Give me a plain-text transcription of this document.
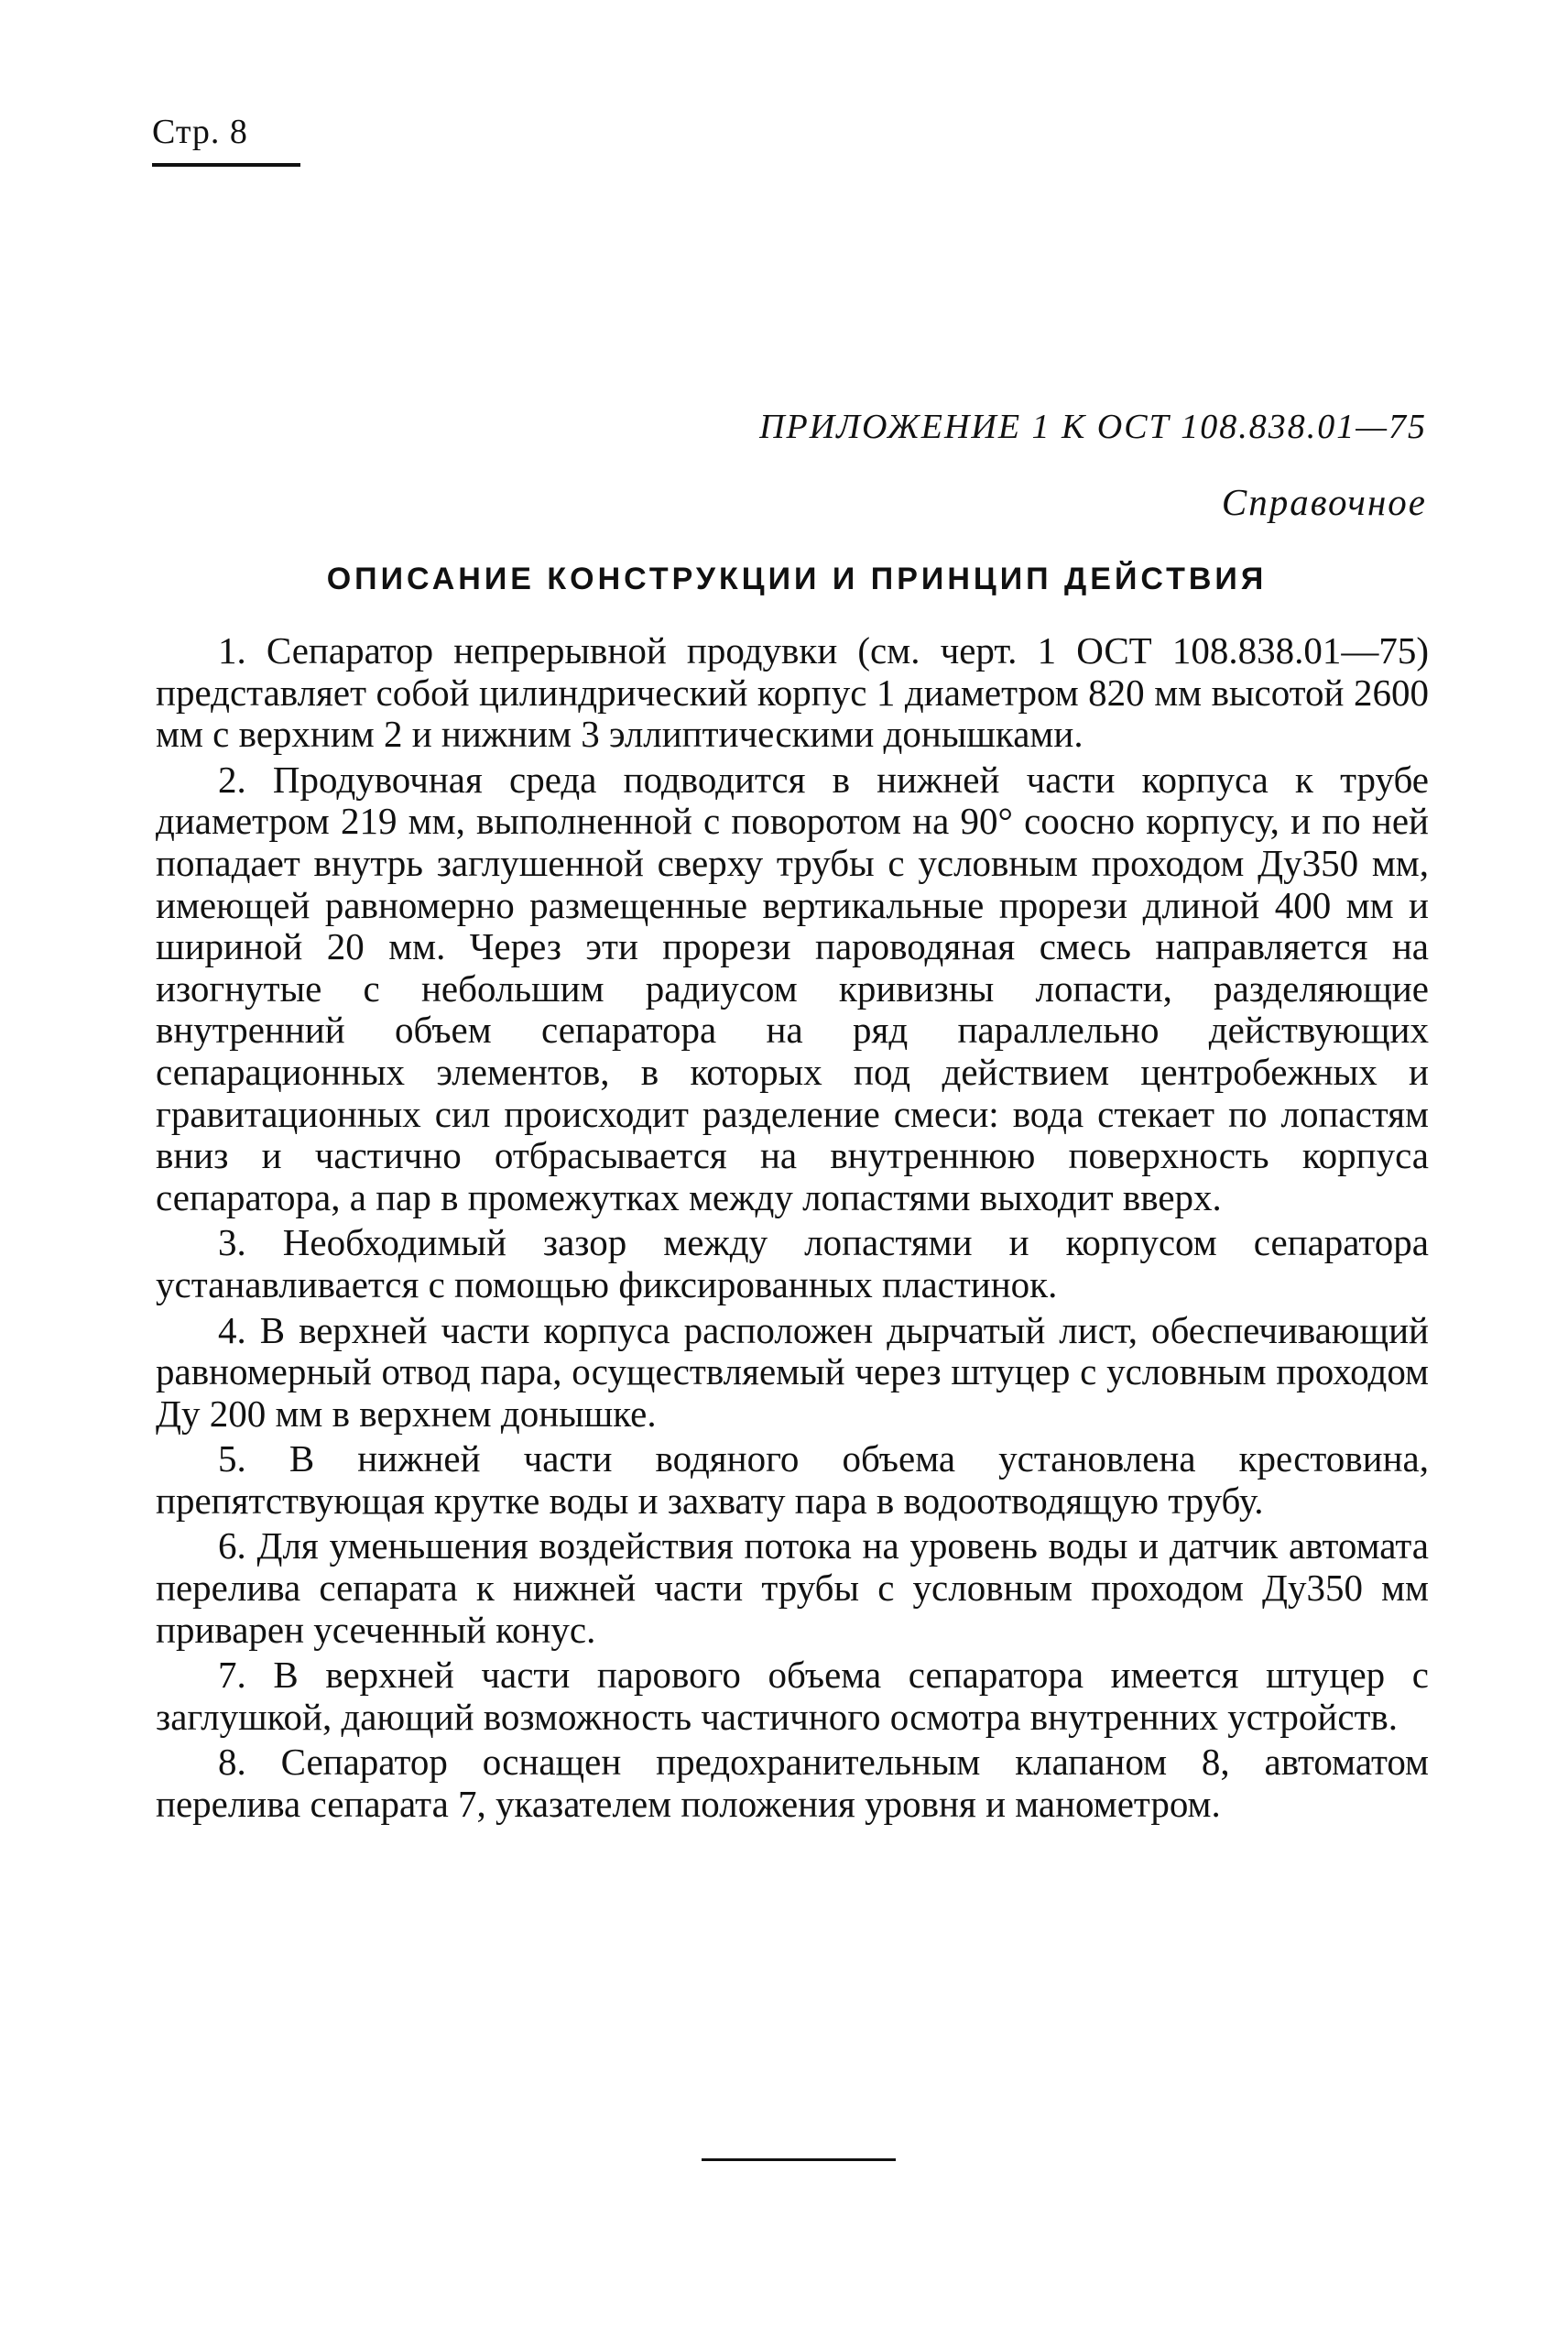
Стр. 8
ПРИЛОЖЕНИЕ 1 К ОСТ 108.838.01—75
Справочное
ОПИСАНИЕ КОНСТРУКЦИИ И ПРИНЦИП ДЕЙСТВИЯ

1. Сепаратор непрерывной продувки (см. черт. 1 ОСТ 108.838.01—75) представляет собой цилиндрический корпус 1 диаметром 820 мм высотой 2600 мм с верхним 2 и нижним 3 эллиптическими донышками.

2. Продувочная среда подводится в нижней части корпуса к трубе диаметром 219 мм, выполненной с поворотом на 90° соосно корпусу, и по ней попадает внутрь заглушенной сверху трубы с условным проходом Ду350 мм, имеющей равномерно размещенные вертикальные прорези длиной 400 мм и шириной 20 мм. Через эти прорези пароводяная смесь направляется на изогнутые с небольшим радиусом кривизны лопасти, разделяющие внутренний объем сепаратора на ряд параллельно действующих сепарационных элементов, в которых под действием центробежных и гравитационных сил происходит разделение смеси: вода стекает по лопастям вниз и частично отбрасывается на внутреннюю поверхность корпуса сепаратора, а пар в промежутках между лопастями выходит вверх.

3. Необходимый зазор между лопастями и корпусом сепаратора устанавливается с помощью фиксированных пластинок.

4. В верхней части корпуса расположен дырчатый лист, обеспечивающий равномерный отвод пара, осуществляемый через штуцер с условным проходом Ду 200 мм в верхнем донышке.

5. В нижней части водяного объема установлена крестовина, препятствующая крутке воды и захвату пара в водоотводящую трубу.

6. Для уменьшения воздействия потока на уровень воды и датчик автомата перелива сепарата к нижней части трубы с условным проходом Ду350 мм приварен усеченный конус.

7. В верхней части парового объема сепаратора имеется штуцер с заглушкой, дающий возможность частичного осмотра внутренних устройств.

8. Сепаратор оснащен предохранительным клапаном 8, автоматом перелива сепарата 7, указателем положения уровня и манометром.
